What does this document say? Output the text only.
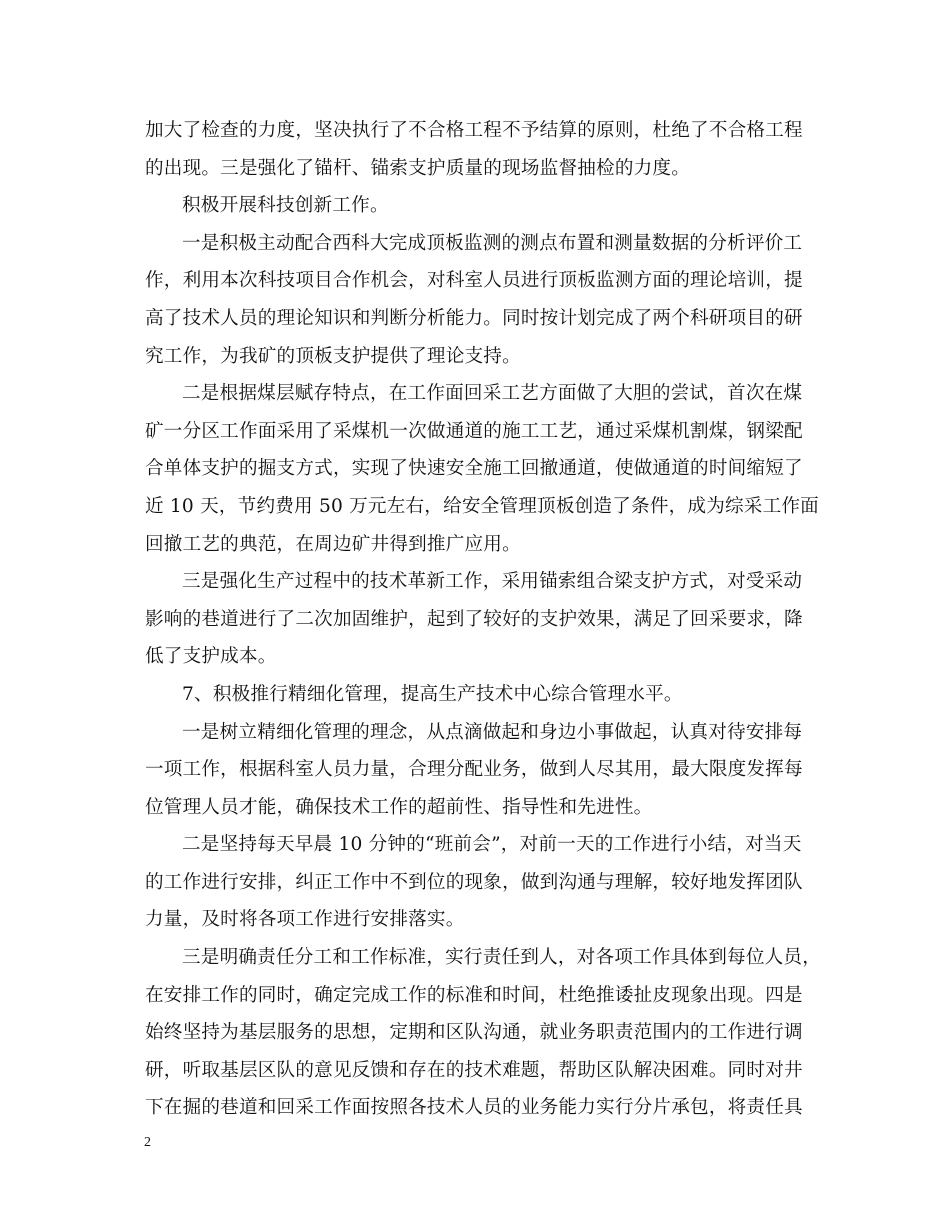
加大了检查的力度，坚决执行了不合格工程不予结算的原则，杜绝了不合格工程
的出现。三是强化了锚杆、锚索支护质量的现场监督抽检的力度。
积极开展科技创新工作。
一是积极主动配合西科大完成顶板监测的测点布置和测量数据的分析评价工
作，利用本次科技项目合作机会，对科室人员进行顶板监测方面的理论培训，提
高了技术人员的理论知识和判断分析能力。同时按计划完成了两个科研项目的研
究工作，为我矿的顶板支护提供了理论支持。
二是根据煤层赋存特点，在工作面回采工艺方面做了大胆的尝试，首次在煤
矿一分区工作面采用了采煤机一次做通道的施工工艺，通过采煤机割煤，钢梁配
合单体支护的掘支方式，实现了快速安全施工回撤通道，使做通道的时间缩短了
近 10 天，节约费用 50 万元左右，给安全管理顶板创造了条件，成为综采工作面
回撤工艺的典范，在周边矿井得到推广应用。
三是强化生产过程中的技术革新工作，采用锚索组合梁支护方式，对受采动
影响的巷道进行了二次加固维护，起到了较好的支护效果，满足了回采要求，降
低了支护成本。
7、积极推行精细化管理，提高生产技术中心综合管理水平。
一是树立精细化管理的理念，从点滴做起和身边小事做起，认真对待安排每
一项工作，根据科室人员力量，合理分配业务，做到人尽其用，最大限度发挥每
位管理人员才能，确保技术工作的超前性、指导性和先进性。
二是坚持每天早晨 10 分钟的“班前会”，对前一天的工作进行小结，对当天
的工作进行安排，纠正工作中不到位的现象，做到沟通与理解，较好地发挥团队
力量，及时将各项工作进行安排落实。
三是明确责任分工和工作标准，实行责任到人，对各项工作具体到每位人员，
在安排工作的同时，确定完成工作的标准和时间，杜绝推诿扯皮现象出现。四是
始终坚持为基层服务的思想，定期和区队沟通，就业务职责范围内的工作进行调
研，听取基层区队的意见反馈和存在的技术难题，帮助区队解决困难。同时对井
下在掘的巷道和回采工作面按照各技术人员的业务能力实行分片承包，将责任具
2
